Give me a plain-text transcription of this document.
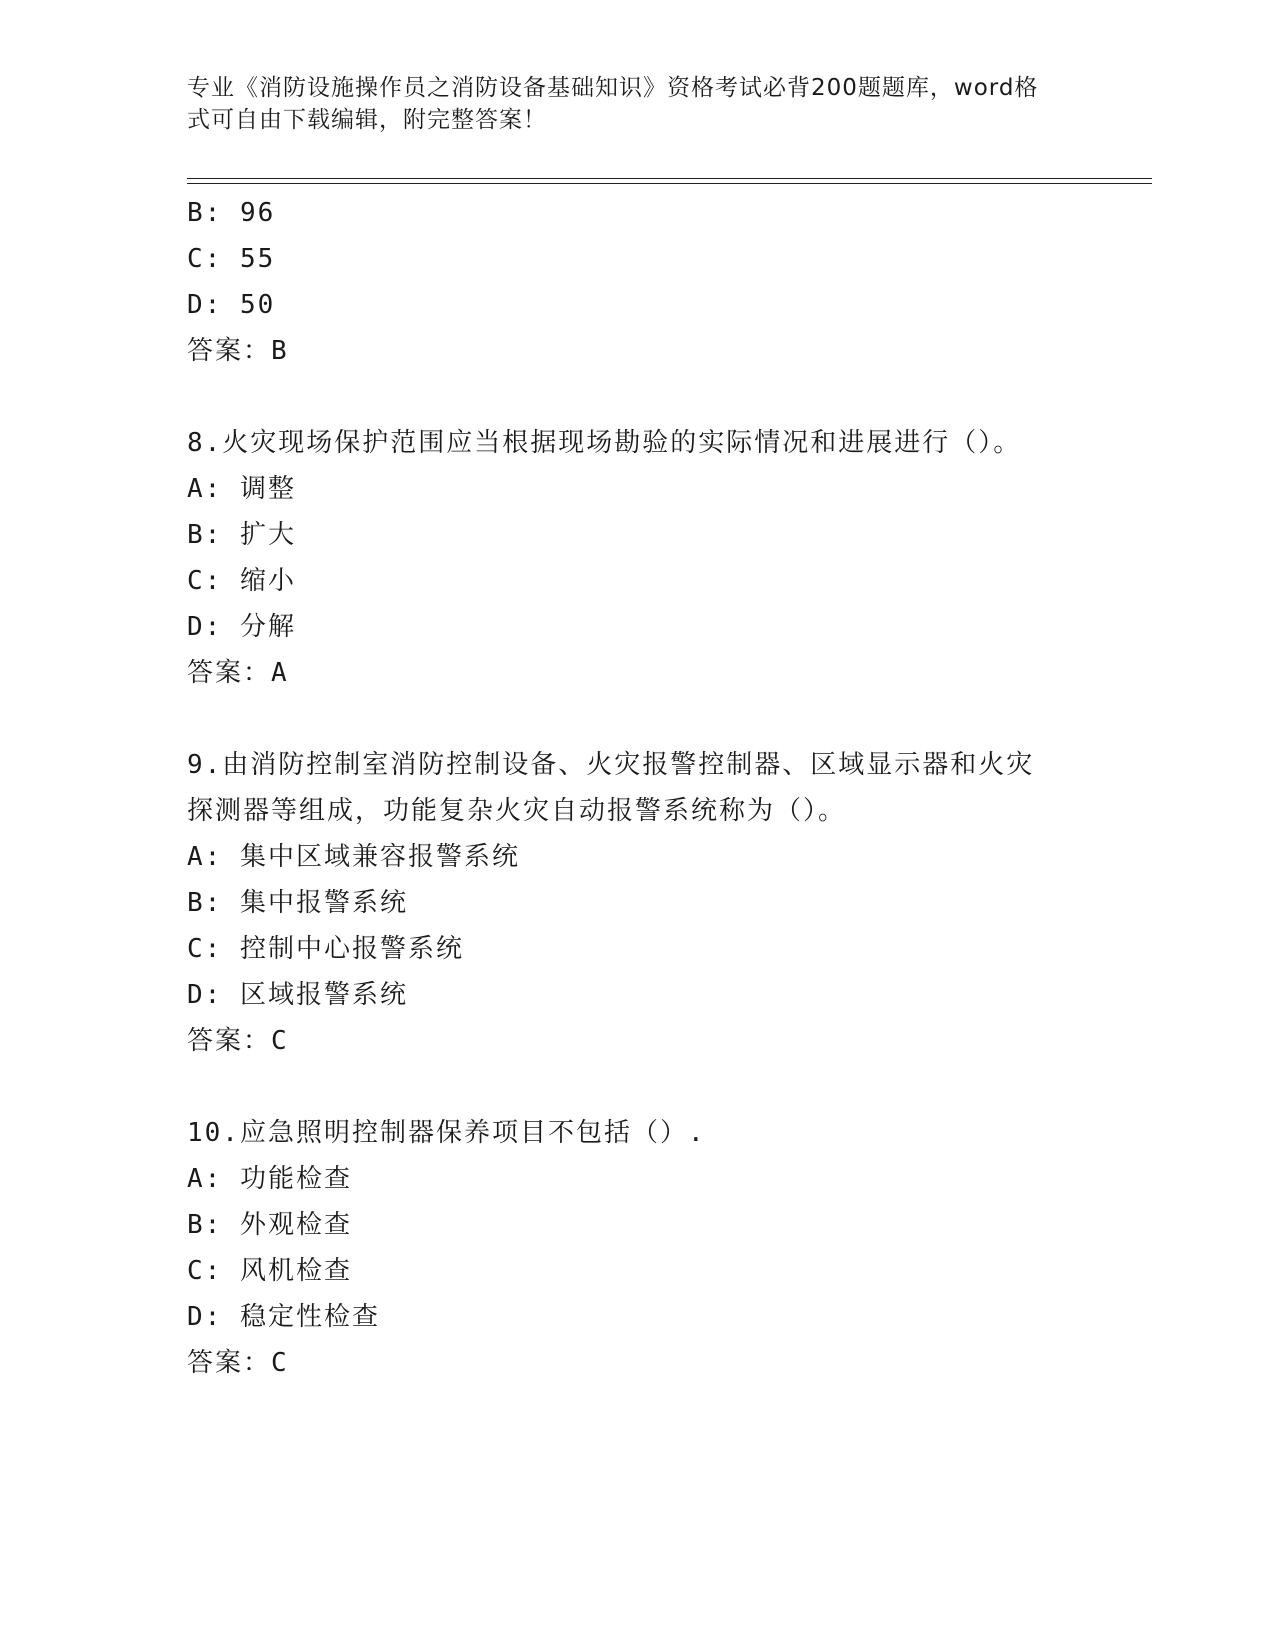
专业《消防设施操作员之消防设备基础知识》资格考试必背200题题库，word格
式可自由下载编辑，附完整答案！
B: 96
C: 55
D: 50
答案：B
8.火灾现场保护范围应当根据现场勘验的实际情况和进展进行（）。
A: 调整
B: 扩大
C: 缩小
D: 分解
答案：A
9.由消防控制室消防控制设备、火灾报警控制器、区域显示器和火灾
探测器等组成，功能复杂火灾自动报警系统称为（）。
A: 集中区域兼容报警系统
B: 集中报警系统
C: 控制中心报警系统
D: 区域报警系统
答案：C
10.应急照明控制器保养项目不包括（）.
A: 功能检查
B: 外观检查
C: 风机检查
D: 稳定性检查
答案：C
